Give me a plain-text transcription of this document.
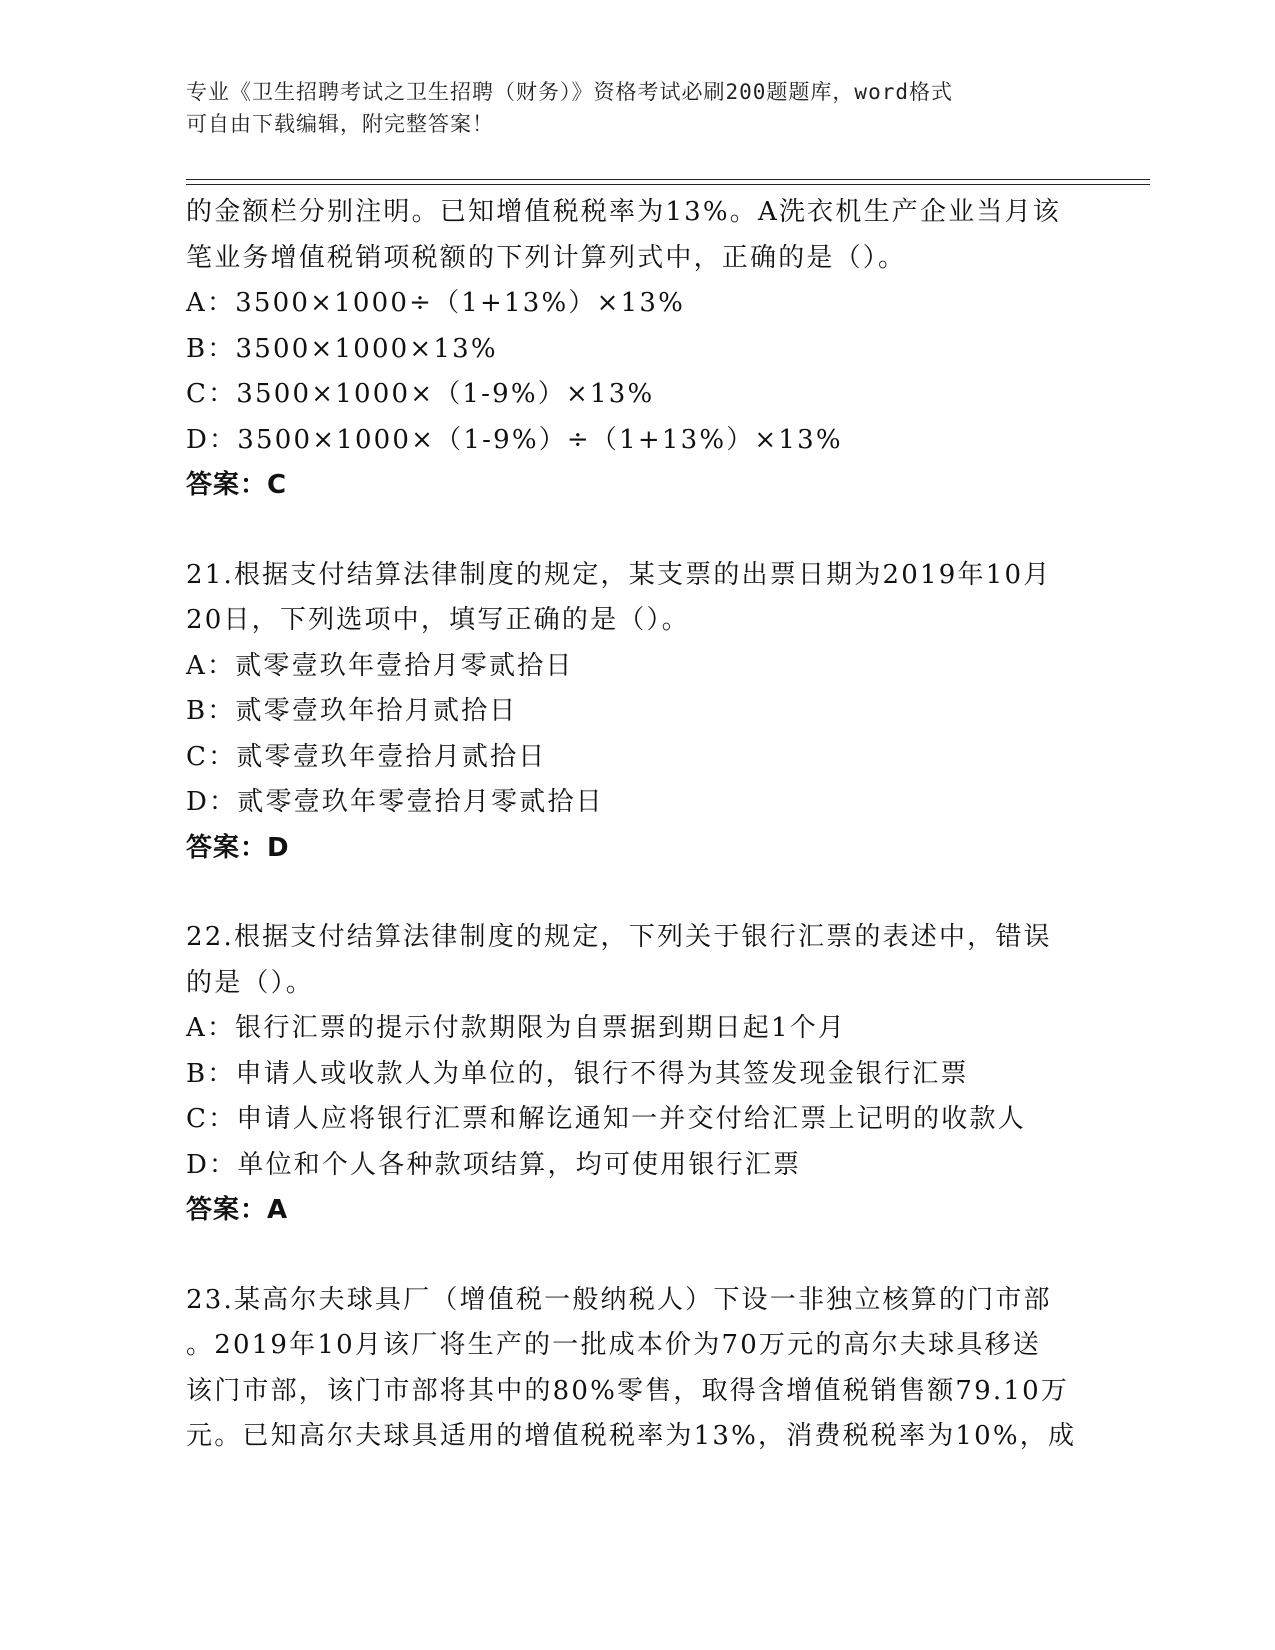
专业《卫生招聘考试之卫生招聘（财务）》资格考试必刷200题题库，word格式
可自由下载编辑，附完整答案！
的金额栏分别注明。已知增值税税率为13%。A洗衣机生产企业当月该
笔业务增值税销项税额的下列计算列式中，正确的是（）。
A：3500×1000÷（1+13%）×13%
B：3500×1000×13%
C：3500×1000×（1-9%）×13%
D：3500×1000×（1-9%）÷（1+13%）×13%
答案：C
21.根据支付结算法律制度的规定，某支票的出票日期为2019年10月
20日，下列选项中，填写正确的是（）。
A：贰零壹玖年壹拾月零贰拾日
B：贰零壹玖年拾月贰拾日
C：贰零壹玖年壹拾月贰拾日
D：贰零壹玖年零壹拾月零贰拾日
答案：D
22.根据支付结算法律制度的规定，下列关于银行汇票的表述中，错误
的是（）。
A：银行汇票的提示付款期限为自票据到期日起1个月
B：申请人或收款人为单位的，银行不得为其签发现金银行汇票
C：申请人应将银行汇票和解讫通知一并交付给汇票上记明的收款人
D：单位和个人各种款项结算，均可使用银行汇票
答案：A
23.某高尔夫球具厂（增值税一般纳税人）下设一非独立核算的门市部
。2019年10月该厂将生产的一批成本价为70万元的高尔夫球具移送
该门市部，该门市部将其中的80%零售，取得含增值税销售额79.10万
元。已知高尔夫球具适用的增值税税率为13%，消费税税率为10%，成
